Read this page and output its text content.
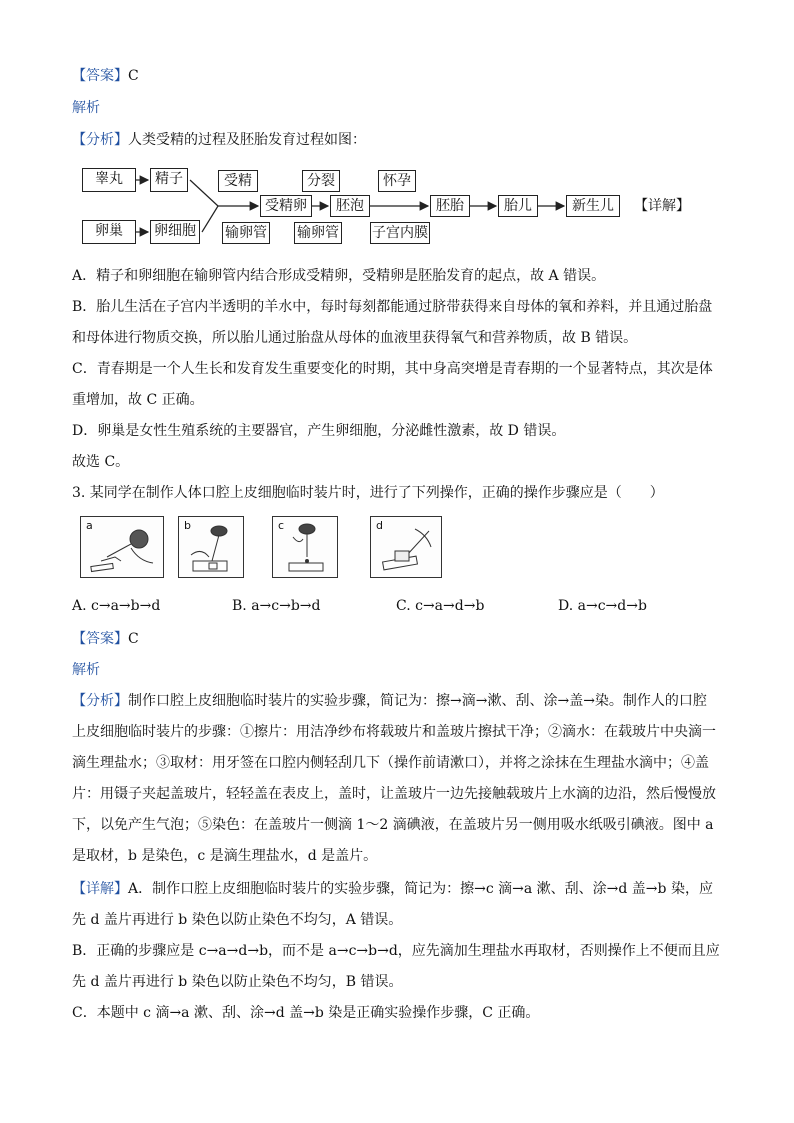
【答案】C
解析
【分析】人类受精的过程及胚胎发育过程如图：
睾丸	精子
卵巢	卵细胞
受精
受精卵
输卵管
分裂
胚泡
输卵管
怀孕
子宫内膜
胚胎	胎儿	新生儿	【详解】
A．精子和卵细胞在输卵管内结合形成受精卵，受精卵是胚胎发育的起点，故 A 错误。
B．胎儿生活在子宫内半透明的羊水中，每时每刻都能通过脐带获得来自母体的氧和养料，并且通过胎盘
和母体进行物质交换，所以胎儿通过胎盘从母体的血液里获得氧气和营养物质，故 B 错误。
C．青春期是一个人生长和发育发生重要变化的时期，其中身高突增是青春期的一个显著特点，其次是体
重增加，故 C 正确。
D．卵巢是女性生殖系统的主要器官，产生卵细胞，分泌雌性激素，故 D 错误。
故选 C。
3. 某同学在制作人体口腔上皮细胞临时装片时，进行了下列操作，正确的操作步骤应是（　　）
a	b	c	d
A. c→a→b→d	B. a→c→b→d	C. c→a→d→b	D. a→c→d→b
【答案】C
解析
【分析】制作口腔上皮细胞临时装片的实验步骤，简记为：擦→滴→漱、刮、涂→盖→染。制作人的口腔
上皮细胞临时装片的步骤：①擦片：用洁净纱布将载玻片和盖玻片擦拭干净；②滴水：在载玻片中央滴一
滴生理盐水；③取材：用牙签在口腔内侧轻刮几下（操作前请漱口），并将之涂抹在生理盐水滴中；④盖
片：用镊子夹起盖玻片，轻轻盖在表皮上，盖时，让盖玻片一边先接触载玻片上水滴的边沿，然后慢慢放
下，以免产生气泡；⑤染色：在盖玻片一侧滴 1～2 滴碘液，在盖玻片另一侧用吸水纸吸引碘液。图中 a
是取材，b 是染色，c 是滴生理盐水，d 是盖片。
【详解】A．制作口腔上皮细胞临时装片的实验步骤，简记为：擦→c 滴→a 漱、刮、涂→d 盖→b 染，应
先 d 盖片再进行 b 染色以防止染色不均匀，A 错误。
B．正确的步骤应是 c→a→d→b，而不是 a→c→b→d，应先滴加生理盐水再取材，否则操作上不便而且应
先 d 盖片再进行 b 染色以防止染色不均匀，B 错误。
C．本题中 c 滴→a 漱、刮、涂→d 盖→b 染是正确实验操作步骤，C 正确。
